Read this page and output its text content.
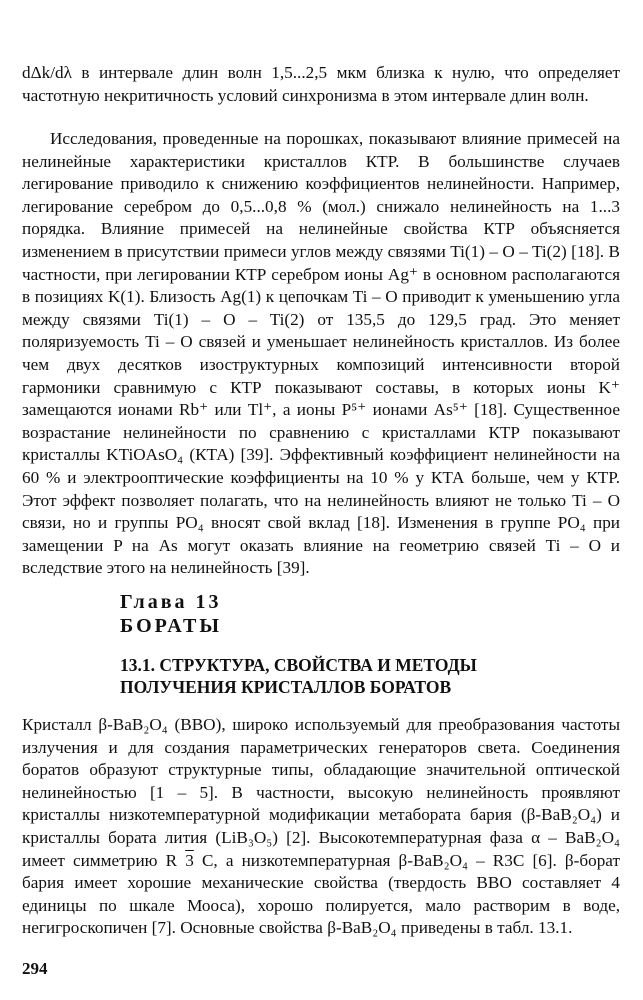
dΔk/dλ в интервале длин волн 1,5...2,5 мкм близка к нулю, что определяет частотную некритичность условий синхронизма в этом интервале длин волн.

Исследования, проведенные на порошках, показывают влияние примесей на нелинейные характеристики кристаллов КТР. В большинстве случаев легирование приводило к снижению коэффициентов нелинейности. Например, легирование серебром до 0,5...0,8 % (мол.) снижало нелинейность на 1...3 порядка. Влияние примесей на нелинейные свойства КТР объясняется изменением в присутствии примеси углов между связями Ti(1) – O – Ti(2) [18]. В частности, при легировании КТР серебром ионы Ag⁺ в основном располагаются в позициях K(1). Близость Ag(1) к цепочкам Ti – O приводит к уменьшению угла между связями Ti(1) – O – Ti(2) от 135,5 до 129,5 град. Это меняет поляризуемость Ti – O связей и уменьшает нелинейность кристаллов. Из более чем двух десятков изоструктурных композиций интенсивности второй гармоники сравнимую с КТР показывают составы, в которых ионы K⁺ замещаются ионами Rb⁺ или Tl⁺, а ионы P⁵⁺ ионами As⁵⁺ [18]. Существенное возрастание нелинейности по сравнению с кристаллами КТР показывают кристаллы KTiOAsO₄ (КТА) [39]. Эффективный коэффициент нелинейности на 60 % и электрооптические коэффициенты на 10 % у КТА больше, чем у КТР. Этот эффект позволяет полагать, что на нелинейность влияют не только Ti – O связи, но и группы PO₄ вносят свой вклад [18]. Изменения в группе PO₄ при замещении P на As могут оказать влияние на геометрию связей Ti – O и вследствие этого на нелинейность [39].

Глава 13
БОРАТЫ
13.1. СТРУКТУРА, СВОЙСТВА И МЕТОДЫ ПОЛУЧЕНИЯ КРИСТАЛЛОВ БОРАТОВ

Кристалл β-BaB₂O₄ (BBO), широко используемый для преобразования частоты излучения и для создания параметрических генераторов света. Соединения боратов образуют структурные типы, обладающие значительной оптической нелинейностью [1 – 5]. В частности, высокую нелинейность проявляют кристаллы низкотемпературной модификации метабората бария (β-BaB₂O₄) и кристаллы бората лития (LiB₃O₅) [2]. Высокотемпературная фаза α – BaB₂O₄ имеет симметрию R 3 C, а низкотемпературная β-BaB₂O₄ – R3C [6]. β-борат бария имеет хорошие механические свойства (твердость BBO составляет 4 единицы по шкале Мооса), хорошо полируется, мало растворим в воде, негигроскопичен [7]. Основные свойства β-BaB₂O₄ приведены в табл. 13.1.

294
